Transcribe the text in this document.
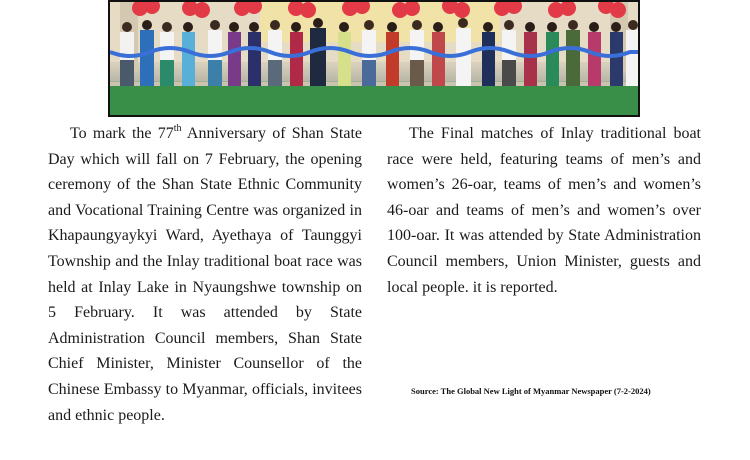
To mark the 77th Anniversary of Shan State Day which will fall on 7 February, the opening ceremony of the Shan State Ethnic Community and Vocational Training Centre was organized in Khapaungyaykyi Ward, Ayethaya of Taunggyi Township and the Inlay traditional boat race was held at Inlay Lake in Nyaungshwe township on 5 February. It was attended by State Administration Council members, Shan State Chief Minister, Minister Counsellor of the Chinese Embassy to Myanmar, officials, invitees and ethnic people.

The Final matches of Inlay traditional boat race were held, featuring teams of men’s and women’s 26-oar, teams of men’s and women’s 46-oar and teams of men’s and women’s over 100-oar. It was attended by State Administration Council members, Union Minister, guests and local people. it is reported.

Source: The Global New Light of Myanmar Newspaper (7-2-2024)
